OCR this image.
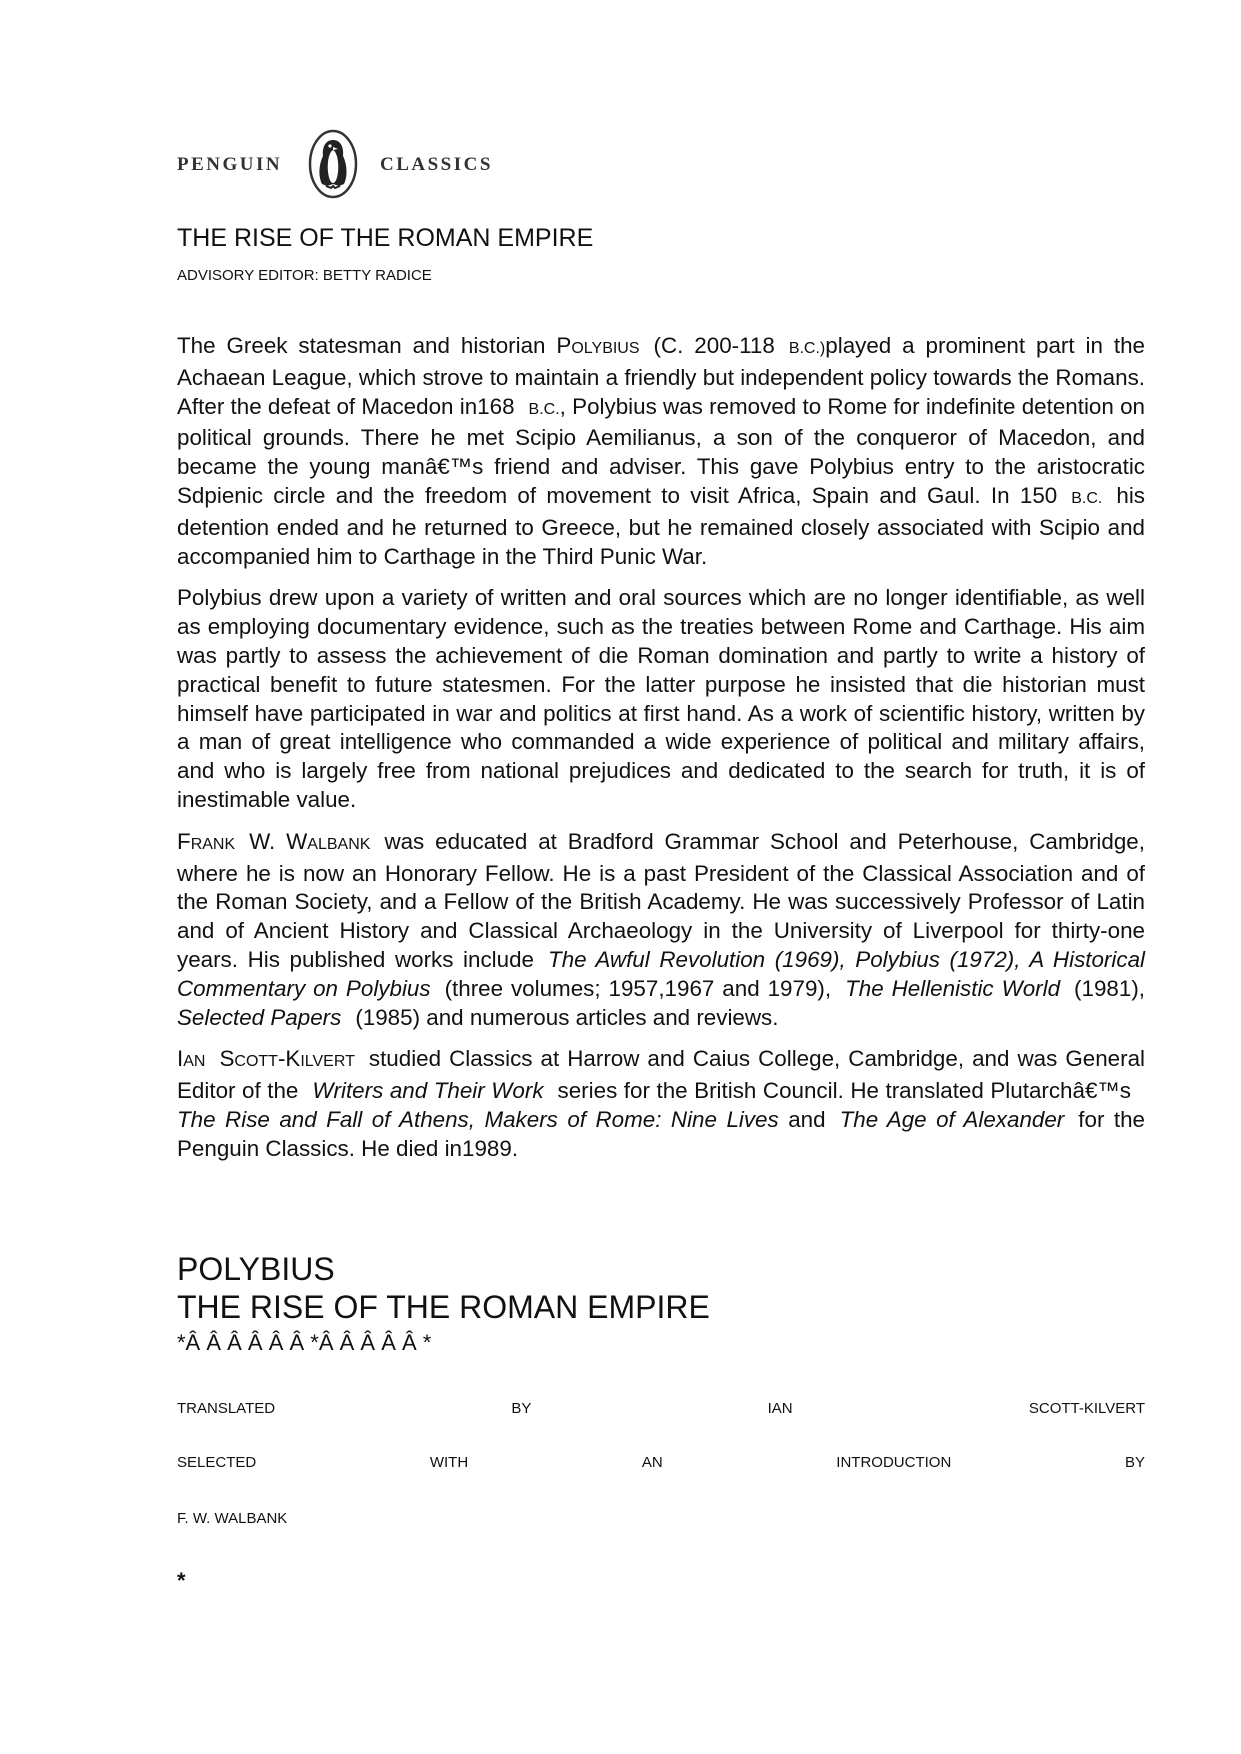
PENGUIN	CLASSICS
THE RISE OF THE ROMAN EMPIRE
ADVISORY EDITOR: BETTY RADICE

The Greek statesman and historian POLYBIUS (C. 200-118 B.C.)played a prominent part in the Achaean League, which strove to maintain a friendly but independent policy towards the Romans. After the defeat of Macedon in168 B.C., Polybius was removed to Rome for indefinite detention on political grounds. There he met Scipio Aemilianus, a son of the conqueror of Macedon, and became the young manâ€™s friend and adviser. This gave Polybius entry to the aristocratic Sdpienic circle and the freedom of movement to visit Africa, Spain and Gaul. In 150 B.C. his detention ended and he returned to Greece, but he remained closely associated with Scipio and accompanied him to Carthage in the Third Punic War.

Polybius drew upon a variety of written and oral sources which are no longer identifiable, as well as employing documentary evidence, such as the treaties between Rome and Carthage. His aim was partly to assess the achievement of die Roman domination and partly to write a history of practical benefit to future statesmen. For the latter purpose he insisted that die historian must himself have participated in war and politics at first hand. As a work of scientific history, written by a man of great intelligence who commanded a wide experience of political and military affairs, and who is largely free from national prejudices and dedicated to the search for truth, it is of inestimable value.

FRANK W. WALBANK was educated at Bradford Grammar School and Peterhouse, Cambridge, where he is now an Honorary Fellow. He is a past President of the Classical Association and of the Roman Society, and a Fellow of the British Academy. He was successively Professor of Latin and of Ancient History and Classical Archaeology in the University of Liverpool for thirty-one years. His published works include The Awful Revolution (1969), Polybius (1972), A Historical Commentary on Polybius (three volumes; 1957,1967 and 1979), The Hellenistic World (1981), Selected Papers (1985) and numerous articles and reviews.

IAN SCOTT-KILVERT studied Classics at Harrow and Caius College, Cambridge, and was General Editor of the Writers and Their Work series for the British Council. He translated Plutarchâ€™sThe Rise and Fall of Athens, Makers of Rome: Nine Lives and The Age of Alexander for the Penguin Classics. He died in1989.

POLYBIUS
THE RISE OF THE ROMAN EMPIRE
*Â Â Â Â Â Â *Â Â Â Â Â *
TRANSLATED	BY	IAN	SCOTT-KILVERT
SELECTED	WITH	AN	INTRODUCTION	BY
F. W. WALBANK
*
